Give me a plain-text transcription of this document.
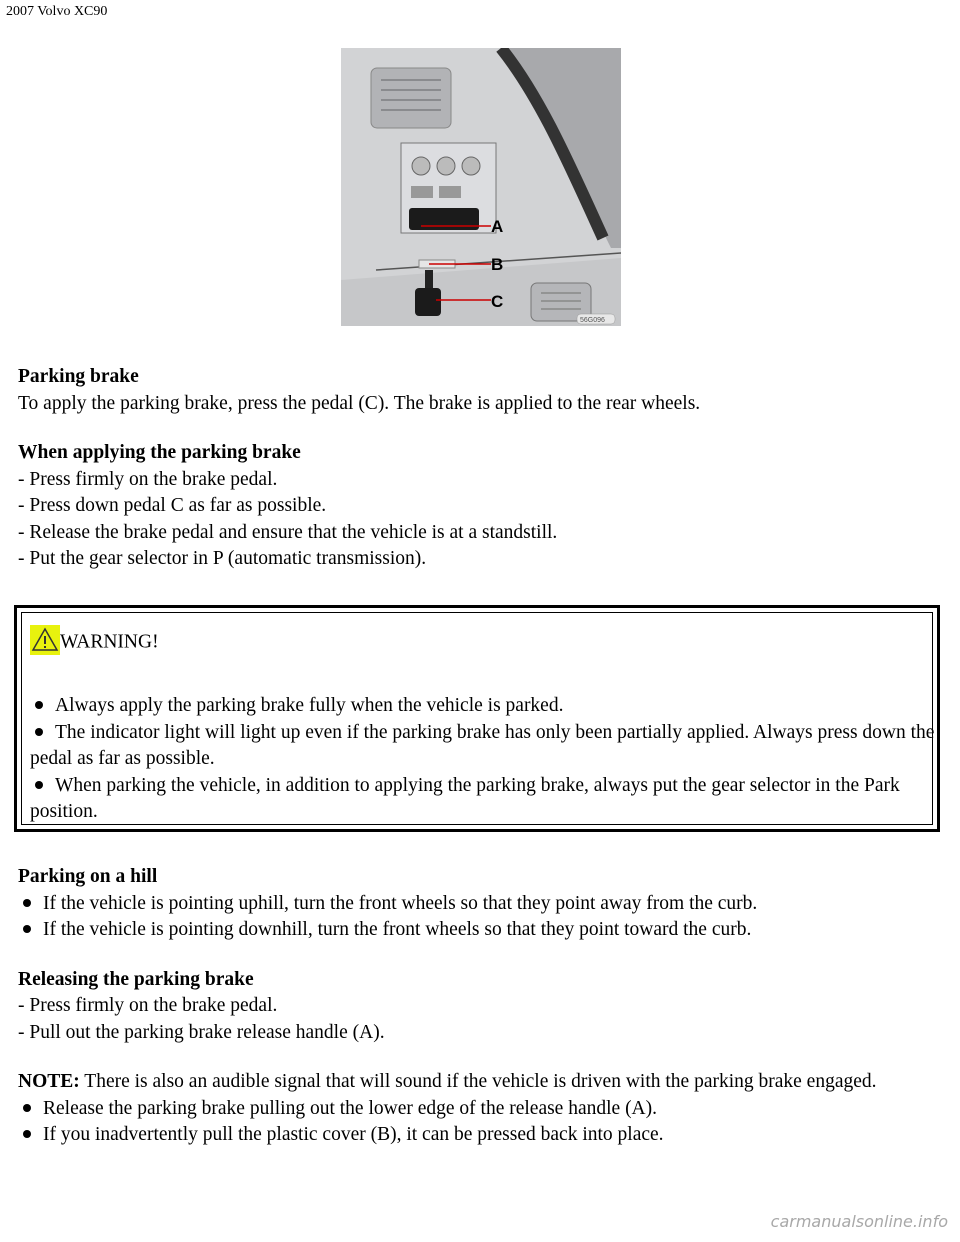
2007 Volvo XC90
A
B
C
56G096
Parking brake
To apply the parking brake, press the pedal (C). The brake is applied to the rear wheels.
When applying the parking brake
- Press firmly on the brake pedal.
- Press down pedal C as far as possible.
- Release the brake pedal and ensure that the vehicle is at a standstill.
- Put the gear selector in P (automatic transmission).
WARNING!
Always apply the parking brake fully when the vehicle is parked.
The indicator light will light up even if the parking brake has only been partially applied. Always press down the pedal as far as possible.
When parking the vehicle, in addition to applying the parking brake, always put the gear selector in the Park position.
Parking on a hill
If the vehicle is pointing uphill, turn the front wheels so that they point away from the curb.
If the vehicle is pointing downhill, turn the front wheels so that they point toward the curb.
Releasing the parking brake
- Press firmly on the brake pedal.
- Pull out the parking brake release handle (A).
NOTE: There is also an audible signal that will sound if the vehicle is driven with the parking brake engaged.
Release the parking brake pulling out the lower edge of the release handle (A).
If you inadvertently pull the plastic cover (B), it can be pressed back into place.
carmanualsonline.info
